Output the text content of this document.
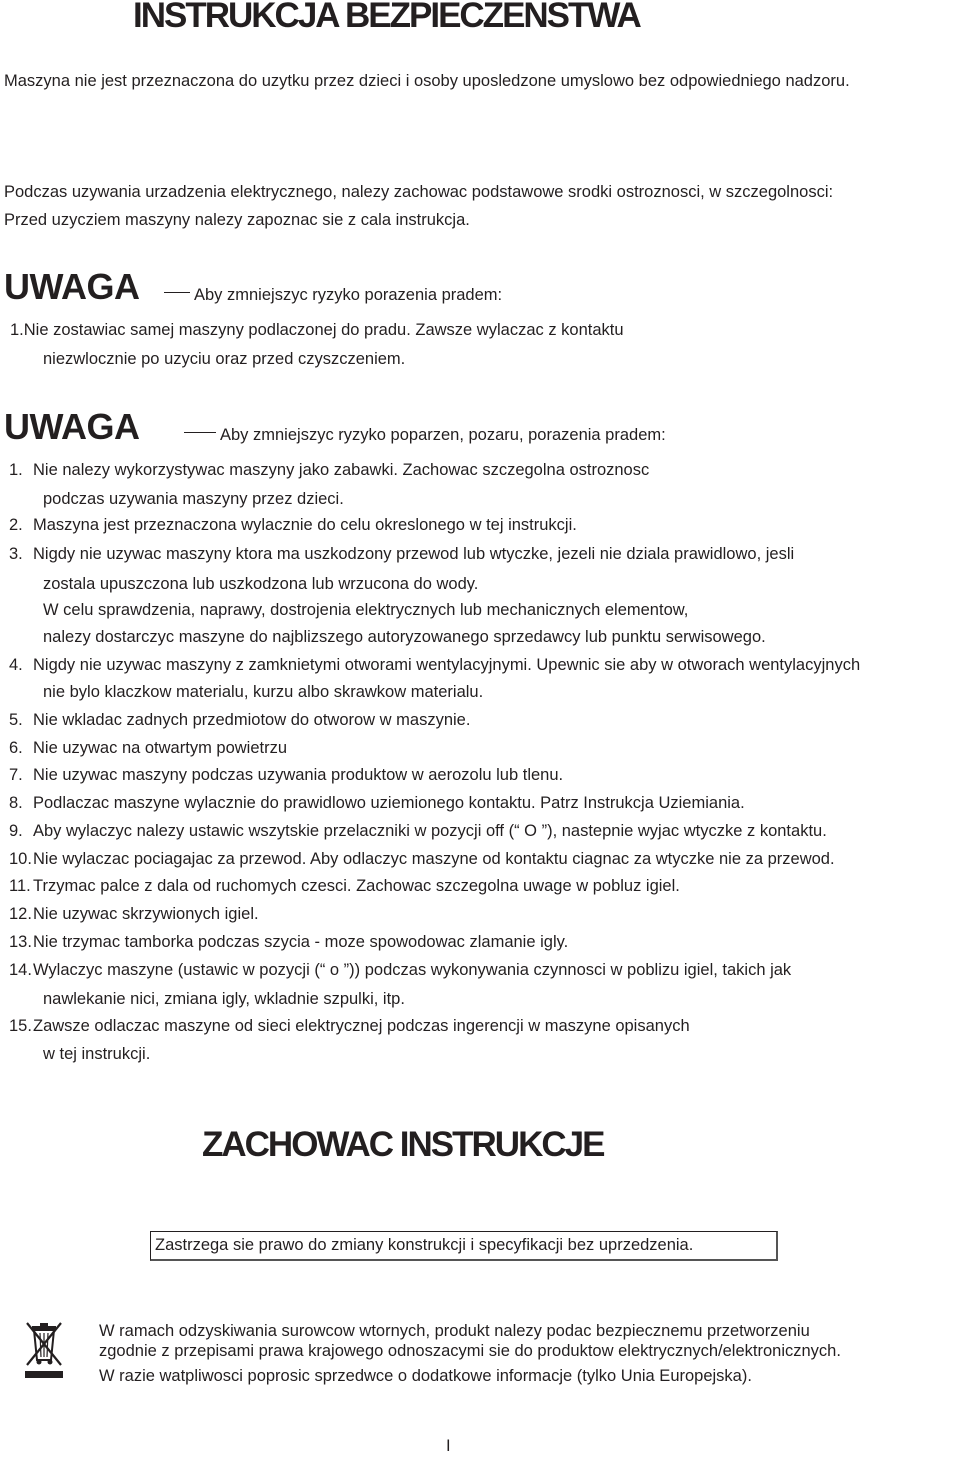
INSTRUKCJA BEZPIECZENSTWA
Maszyna nie jest przeznaczona do uzytku przez dzieci i osoby uposledzone umyslowo bez odpowiedniego nadzoru.
Podczas uzywania urzadzenia elektrycznego, nalezy zachowac podstawowe srodki ostroznosci, w szczegolnosci:
Przed uzycziem maszyny nalezy zapoznac sie z cala instrukcja.
UWAGA	Aby zmniejszyc ryzyko porazenia pradem:
1.Nie zostawiac samej maszyny podlaczonej do pradu. Zawsze wylaczac z kontaktu
niezwlocznie po uzyciu oraz przed czyszczeniem.
UWAGA	Aby zmniejszyc ryzyko poparzen, pozaru, porazenia pradem:
1. Nie nalezy wykorzystywac maszyny jako zabawki. Zachowac szczegolna ostroznosc
podczas uzywania maszyny przez dzieci.
2. Maszyna jest przeznaczona wylacznie do celu okreslonego w tej instrukcji.
3. Nigdy nie uzywac maszyny ktora ma uszkodzony przewod lub wtyczke, jezeli nie dziala prawidlowo, jesli
zostala upuszczona lub uszkodzona lub wrzucona do wody.
W celu sprawdzenia, naprawy, dostrojenia elektrycznych lub mechanicznych elementow,
nalezy dostarczyc maszyne do najblizszego autoryzowanego sprzedawcy lub punktu serwisowego.
4. Nigdy nie uzywac maszyny z zamknietymi otworami wentylacyjnymi. Upewnic sie aby w otworach wentylacyjnych
nie bylo klaczkow materialu, kurzu albo skrawkow materialu.
5. Nie wkladac zadnych przedmiotow do otworow w maszynie.
6. Nie uzywac na otwartym powietrzu
7. Nie uzywac maszyny podczas uzywania produktow w aerozolu lub tlenu.
8. Podlaczac maszyne wylacznie do prawidlowo uziemionego kontaktu. Patrz Instrukcja Uziemiania.
9. Aby wylaczyc nalezy ustawic wszytskie przelaczniki w pozycji off (“ O ”), nastepnie wyjac wtyczke z kontaktu.
10.Nie wylaczac pociagajac za przewod. Aby odlaczyc maszyne od kontaktu ciagnac za wtyczke nie za przewod.
11. Trzymac palce z dala od ruchomych czesci. Zachowac szczegolna uwage w pobluz igiel.
12.Nie uzywac skrzywionych igiel.
13.Nie trzymac tamborka podczas szycia - moze spowodowac zlamanie igly.
14.Wylaczyc maszyne (ustawic w pozycji (“ o ”)) podczas wykonywania czynnosci w poblizu igiel, takich jak
nawlekanie nici, zmiana igly, wkladnie szpulki, itp.
15.Zawsze odlaczac maszyne od sieci elektrycznej podczas ingerencji w maszyne opisanych
w tej instrukcji.
ZACHOWAC INSTRUKCJE
Zastrzega sie prawo do zmiany konstrukcji i specyfikacji bez uprzedzenia.
W ramach odzyskiwania surowcow wtornych, produkt nalezy podac bezpiecznemu przetworzeniu
zgodnie z przepisami prawa krajowego odnoszacymi sie do produktow elektrycznych/elektronicznych.
W razie watpliwosci poprosic sprzedwce o dodatkowe informacje (tylko Unia Europejska).
I
